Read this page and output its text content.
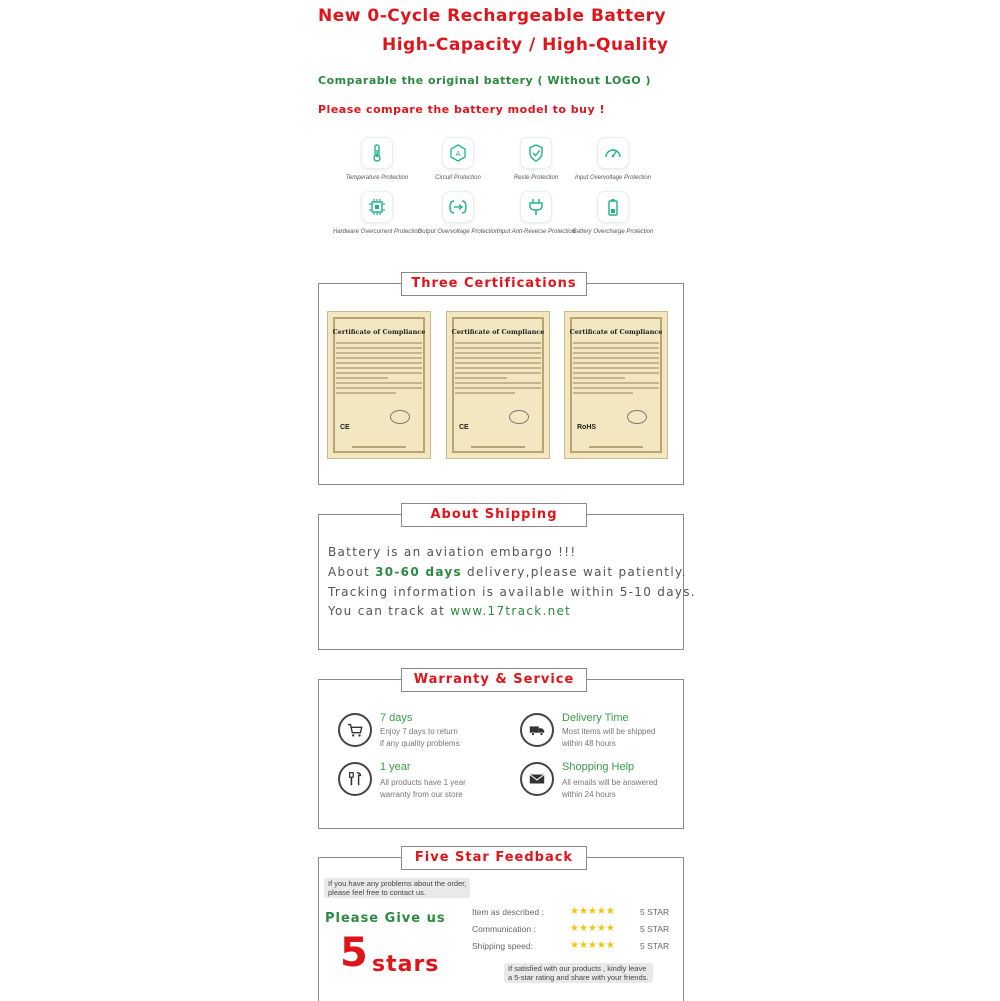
New 0-Cycle Rechargeable Battery
High-Capacity / High-Quality
Comparable the original battery ( Without LOGO )
Please compare the battery model to buy !
Temperature Protection
A
Circuit Protection	Reste Protection	Input Overvoltage Protection
Hardware Overcurrent Protection
Output Overvoltage Protection
Input Anti-Reverse Protection
Battery Overcharge Protection
Three Certifications
Certificate of Compliance
CE
Certificate of Compliance
CE
Certificate of Compliance
RoHS
About Shipping
Battery is an aviation embargo !!!
About 30-60 days delivery,please wait patiently.
Tracking information is available within 5-10 days.
You can track at www.17track.net
Warranty & Service
7 days
Enjoy 7 days to return
if any quality problems
Delivery Time
Most items will be shipped
within 48 hours
1 year
All products have 1 year
warranty from our store
Shopping Help
All emails will be answered
within 24 hours
Five Star Feedback
If you have any problems about the order,
please feel free to contact us.
Please Give us
5 stars
Item as described :	★★★★★	5 STAR
Communication :	★★★★★	5 STAR
Shipping speed:	★★★★★	5 STAR
If satisfied with our products , kindly leave
a 5-star rating and share with your friends.
